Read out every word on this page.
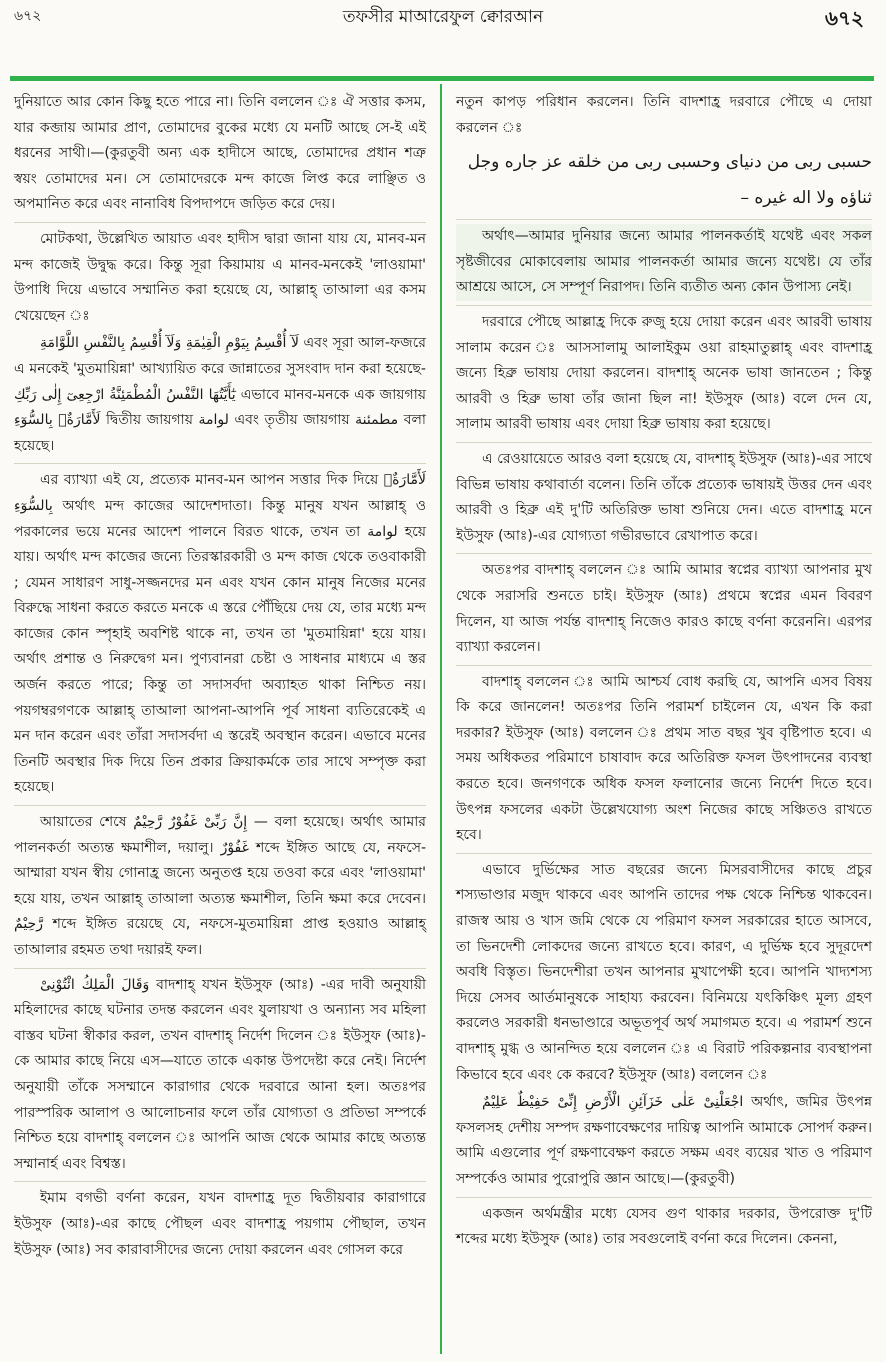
৬৭২	তফসীর মাআরেফুল ক্বোরআন	৬৭২

দুনিয়াতে আর কোন কিছু হতে পারে না। তিনি বললেন ঃ ঐ সত্তার কসম, যার কব্জায় আমার প্রাণ, তোমাদের বুকের মধ্যে যে মনটি আছে সে-ই এই ধরনের সাথী।—(কুরতুবী অন্য এক হাদীসে আছে, তোমাদের প্রধান শত্রু স্বয়ং তোমাদের মন। সে তোমাদেরকে মন্দ কাজে লিপ্ত করে লাঞ্ছিত ও অপমানিত করে এবং নানাবিধ বিপদাপদে জড়িত করে দেয়।

মোটকথা, উল্লেখিত আয়াত এবং হাদীস দ্বারা জানা যায় যে, মানব-মন মন্দ কাজেই উদ্বুদ্ধ করে। কিন্তু সূরা কিয়ামায় এ মানব-মনকেই 'লাওয়ামা' উপাধি দিয়ে এভাবে সম্মানিত করা হয়েছে যে, আল্লাহ্ তাআলা এর কসম খেয়েছেন ঃ

لَآ أُقْسِمُ بِيَوْمِ الْقِيٰمَةِ وَلَآ أُقْسِمُ بِالنَّفْسِ اللَّوَّامَةِ এবং সূরা আল-ফজরে এ মনকেই 'মুতমায়িন্না' আখ্যায়িত করে জান্নাতের সুসংবাদ দান করা হয়েছে- يٰٓأَيَّتُهَا النَّفْسُ الْمُطْمَئِنَّةُ ارْجِعِىٓ إِلٰى رَبِّكِ এভাবে মানব-মনকে এক জায়গায় لَأَمَّارَةٌۢ بِالسُّوٓءِ দ্বিতীয় জায়গায় لوامة এবং তৃতীয় জায়গায় مطمئنة বলা হয়েছে।

এর ব্যাখ্যা এই যে, প্রত্যেক মানব-মন আপন সত্তার দিক দিয়ে لَأَمَّارَةٌۢ بِالسُّوٓءِ অর্থাৎ মন্দ কাজের আদেশদাতা। কিন্তু মানুষ যখন আল্লাহ্ ও পরকালের ভয়ে মনের আদেশ পালনে বিরত থাকে, তখন তা لوامة হয়ে যায়। অর্থাৎ মন্দ কাজের জন্যে তিরস্কারকারী ও মন্দ কাজ থেকে তওবাকারী ; যেমন সাধারণ সাধু-সজ্জনদের মন এবং যখন কোন মানুষ নিজের মনের বিরুদ্ধে সাধনা করতে করতে মনকে এ স্তরে পৌঁছিয়ে দেয় যে, তার মধ্যে মন্দ কাজের কোন স্পৃহাই অবশিষ্ট থাকে না, তখন তা 'মুতমায়িন্না' হয়ে যায়। অর্থাৎ প্রশান্ত ও নিরুদ্বেগ মন। পুণ্যবানরা চেষ্টা ও সাধনার মাধ্যমে এ স্তর অর্জন করতে পারে; কিন্তু তা সদাসর্বদা অব্যাহত থাকা নিশ্চিত নয়। পয়গম্বরগণকে আল্লাহ্ তাআলা আপনা-আপনি পূর্ব সাধনা ব্যতিরেকেই এ মন দান করেন এবং তাঁরা সদাসর্বদা এ স্তরেই অবস্থান করেন। এভাবে মনের তিনটি অবস্থার দিক দিয়ে তিন প্রকার ক্রিয়াকর্মকে তার সাথে সম্পৃক্ত করা হয়েছে।

আয়াতের শেষে إِنَّ رَبِّىْ غَفُوْرٌ رَّحِيْمٌ — বলা হয়েছে। অর্থাৎ আমার পালনকর্তা অত্যন্ত ক্ষমাশীল, দয়ালু। غَفُوْرٌ শব্দে ইঙ্গিত আছে যে, নফসে-আম্মারা যখন স্বীয় গোনাহ্র জন্যে অনুতপ্ত হয়ে তওবা করে এবং 'লাওয়ামা' হয়ে যায়, তখন আল্লাহ্ তাআলা অত্যন্ত ক্ষমাশীল, তিনি ক্ষমা করে দেবেন। رَّحِيْمٌ শব্দে ইঙ্গিত রয়েছে যে, নফসে-মুতমায়িন্না প্রাপ্ত হওয়াও আল্লাহ্ তাআলার রহমত তথা দয়ারই ফল।

وَقَالَ الْمَلِكُ ائْتُوْنِىْ বাদশাহ্ যখন ইউসুফ (আঃ) -এর দাবী অনুযায়ী মহিলাদের কাছে ঘটনার তদন্ত করলেন এবং যুলায়খা ও অন্যান্য সব মহিলা বাস্তব ঘটনা স্বীকার করল, তখন বাদশাহ্ নির্দেশ দিলেন ঃ ইউসুফ (আঃ)-কে আমার কাছে নিয়ে এস—যাতে তাকে একান্ত উপদেষ্টা করে নেই। নির্দেশ অনুযায়ী তাঁকে সসম্মানে কারাগার থেকে দরবারে আনা হল। অতঃপর পারস্পরিক আলাপ ও আলোচনার ফলে তাঁর যোগ্যতা ও প্রতিভা সম্পর্কে নিশ্চিত হয়ে বাদশাহ্ বললেন ঃ আপনি আজ থেকে আমার কাছে অত্যন্ত সম্মানার্হ এবং বিশ্বস্ত।

ইমাম বগভী বর্ণনা করেন, যখন বাদশাহ্র দূত দ্বিতীয়বার কারাগারে ইউসুফ (আঃ)-এর কাছে পৌছল এবং বাদশাহ্র পয়গাম পৌছাল, তখন ইউসুফ (আঃ) সব কারাবাসীদের জন্যে দোয়া করলেন এবং গোসল করে

নতুন কাপড় পরিধান করলেন। তিনি বাদশাহ্র দরবারে পৌছে এ দোয়া করলেন ঃ

حسبى ربى من دنياى وحسبى ربى من خلقه عز جاره وجل
ثناؤه ولا اله غيره –

অর্থাৎ—আমার দুনিয়ার জন্যে আমার পালনকর্তাই যথেষ্ট এবং সকল সৃষ্টজীবের মোকাবেলায় আমার পালনকর্তা আমার জন্যে যথেষ্ট। যে তাঁর আশ্রয়ে আসে, সে সম্পূর্ণ নিরাপদ। তিনি ব্যতীত অন্য কোন উপাস্য নেই।

দরবারে পৌছে আল্লাহ্র দিকে রুজু হয়ে দোয়া করেন এবং আরবী ভাষায় সালাম করেন ঃ আসসালামু আলাইকুম ওয়া রাহমাতুল্লাহ্ এবং বাদশাহ্র জন্যে হিব্রু ভাষায় দোয়া করলেন। বাদশাহ্ অনেক ভাষা জানতেন ; কিন্তু আরবী ও হিব্রু ভাষা তাঁর জানা ছিল না! ইউসুফ (আঃ) বলে দেন যে, সালাম আরবী ভাষায় এবং দোয়া হিব্রু ভাষায় করা হয়েছে।

এ রেওয়ায়েতে আরও বলা হয়েছে যে, বাদশাহ্ ইউসুফ (আঃ)-এর সাথে বিভিন্ন ভাষায় কথাবার্তা বলেন। তিনি তাঁকে প্রত্যেক ভাষায়ই উত্তর দেন এবং আরবী ও হিব্রু এই দু'টি অতিরিক্ত ভাষা শুনিয়ে দেন। এতে বাদশাহ্র মনে ইউসুফ (আঃ)-এর যোগ্যতা গভীরভাবে রেখাপাত করে।

অতঃপর বাদশাহ্ বললেন ঃ আমি আমার স্বপ্নের ব্যাখ্যা আপনার মুখ থেকে সরাসরি শুনতে চাই। ইউসুফ (আঃ) প্রথমে স্বপ্নের এমন বিবরণ দিলেন, যা আজ পর্যন্ত বাদশাহ্ নিজেও কারও কাছে বর্ণনা করেননি। এরপর ব্যাখ্যা করলেন।

বাদশাহ্ বললেন ঃ আমি আশ্চর্য বোধ করছি যে, আপনি এসব বিষয় কি করে জানলেন! অতঃপর তিনি পরামর্শ চাইলেন যে, এখন কি করা দরকার? ইউসুফ (আঃ) বললেন ঃ প্রথম সাত বছর খুব বৃষ্টিপাত হবে। এ সময় অধিকতর পরিমাণে চাষাবাদ করে অতিরিক্ত ফসল উৎপাদনের ব্যবস্থা করতে হবে। জনগণকে অধিক ফসল ফলানোর জন্যে নির্দেশ দিতে হবে। উৎপন্ন ফসলের একটা উল্লেখযোগ্য অংশ নিজের কাছে সঞ্চিতও রাখতে হবে।

এভাবে দুর্ভিক্ষের সাত বছরের জন্যে মিসরবাসীদের কাছে প্রচুর শস্যভাণ্ডার মজুদ থাকবে এবং আপনি তাদের পক্ষ থেকে নিশ্চিন্ত থাকবেন। রাজস্ব আয় ও খাস জমি থেকে যে পরিমাণ ফসল সরকারের হাতে আসবে, তা ভিনদেশী লোকদের জন্যে রাখতে হবে। কারণ, এ দুর্ভিক্ষ হবে সুদূরদেশ অবধি বিস্তৃত। ভিনদেশীরা তখন আপনার মুখাপেক্ষী হবে। আপনি খাদ্যশস্য দিয়ে সেসব আর্তমানুষকে সাহায্য করবেন। বিনিময়ে যৎকিঞ্চিৎ মূল্য গ্রহণ করলেও সরকারী ধনভাণ্ডারে অভূতপূর্ব অর্থ সমাগমত হবে। এ পরামর্শ শুনে বাদশাহ্ মুগ্ধ ও আনন্দিত হয়ে বললেন ঃ এ বিরাট পরিকল্পনার ব্যবস্থাপনা কিভাবে হবে এবং কে করবে? ইউসুফ (আঃ) বললেন ঃ

اجْعَلْنِىْ عَلٰى خَزَآئِنِ الْأَرْضِ إِنِّىْ حَفِيْظٌ عَلِيْمٌ অর্থাৎ, জমির উৎপন্ন ফসলসহ দেশীয় সম্পদ রক্ষণাবেক্ষণের দায়িত্ব আপনি আমাকে সোপর্দ করুন। আমি এগুলোর পূর্ণ রক্ষণাবেক্ষণ করতে সক্ষম এবং ব্যয়ের খাত ও পরিমাণ সম্পর্কেও আমার পুরোপুরি জ্ঞান আছে।—(কুরতুবী)

একজন অর্থমন্ত্রীর মধ্যে যেসব গুণ থাকার দরকার, উপরোক্ত দু'টি শব্দের মধ্যে ইউসুফ (আঃ) তার সবগুলোই বর্ণনা করে দিলেন। কেননা,
